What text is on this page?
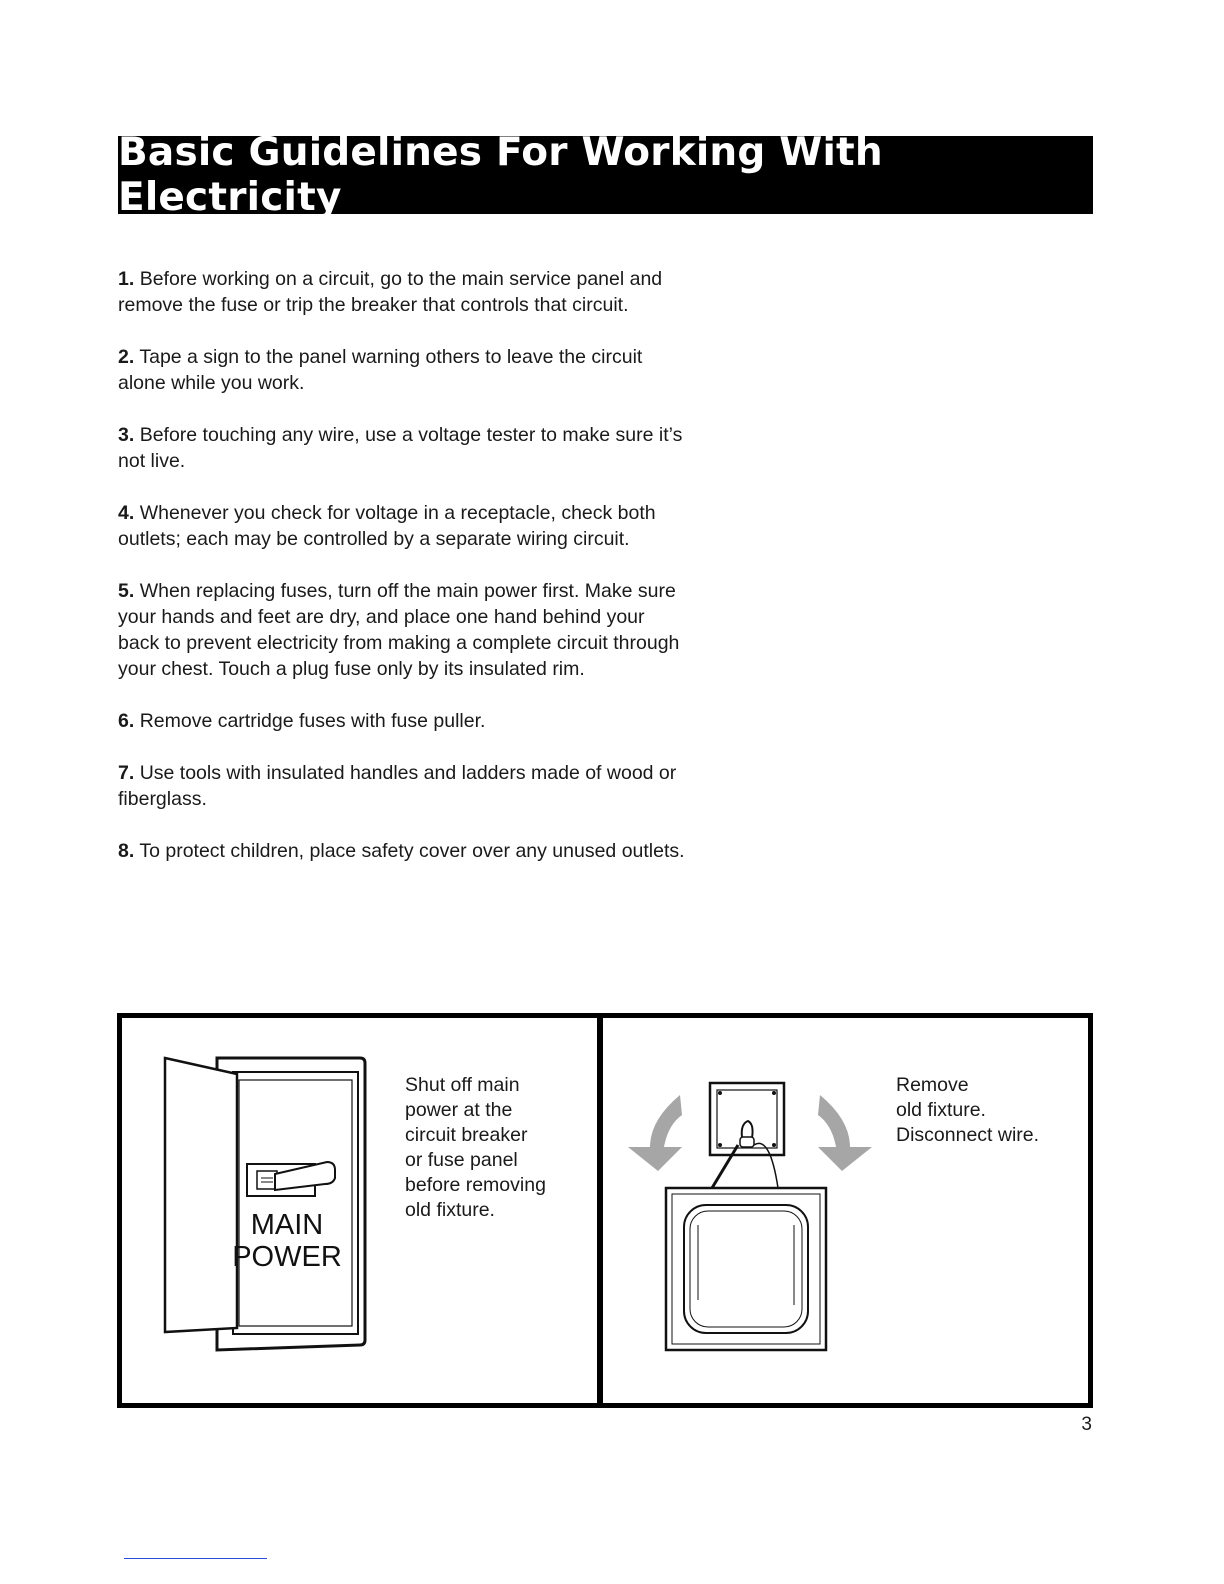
Basic Guidelines For Working With Electricity

1. Before working on a circuit, go to the main service panel and remove the fuse or trip the breaker that controls that circuit.

2. Tape a sign to the panel warning others to leave the circuit alone while you work.

3. Before touching any wire, use a voltage tester to make sure it’s not live.

4. Whenever you check for voltage in a receptacle, check both outlets; each may be controlled by a separate wiring circuit.

5. When replacing fuses, turn off the main power first. Make sure your hands and feet are dry, and place one hand behind your back to prevent electricity from making a complete circuit through your chest. Touch a plug fuse only by its insulated rim.

6. Remove cartridge fuses with fuse puller.

7. Use tools with insulated handles and ladders made of wood or fiberglass.

8. To protect children, place safety cover over any unused outlets.

MAIN
POWER

Shut off main
power at the
circuit breaker
or fuse panel
before removing
old fixture.

Remove
old fixture.
Disconnect wire.

3
